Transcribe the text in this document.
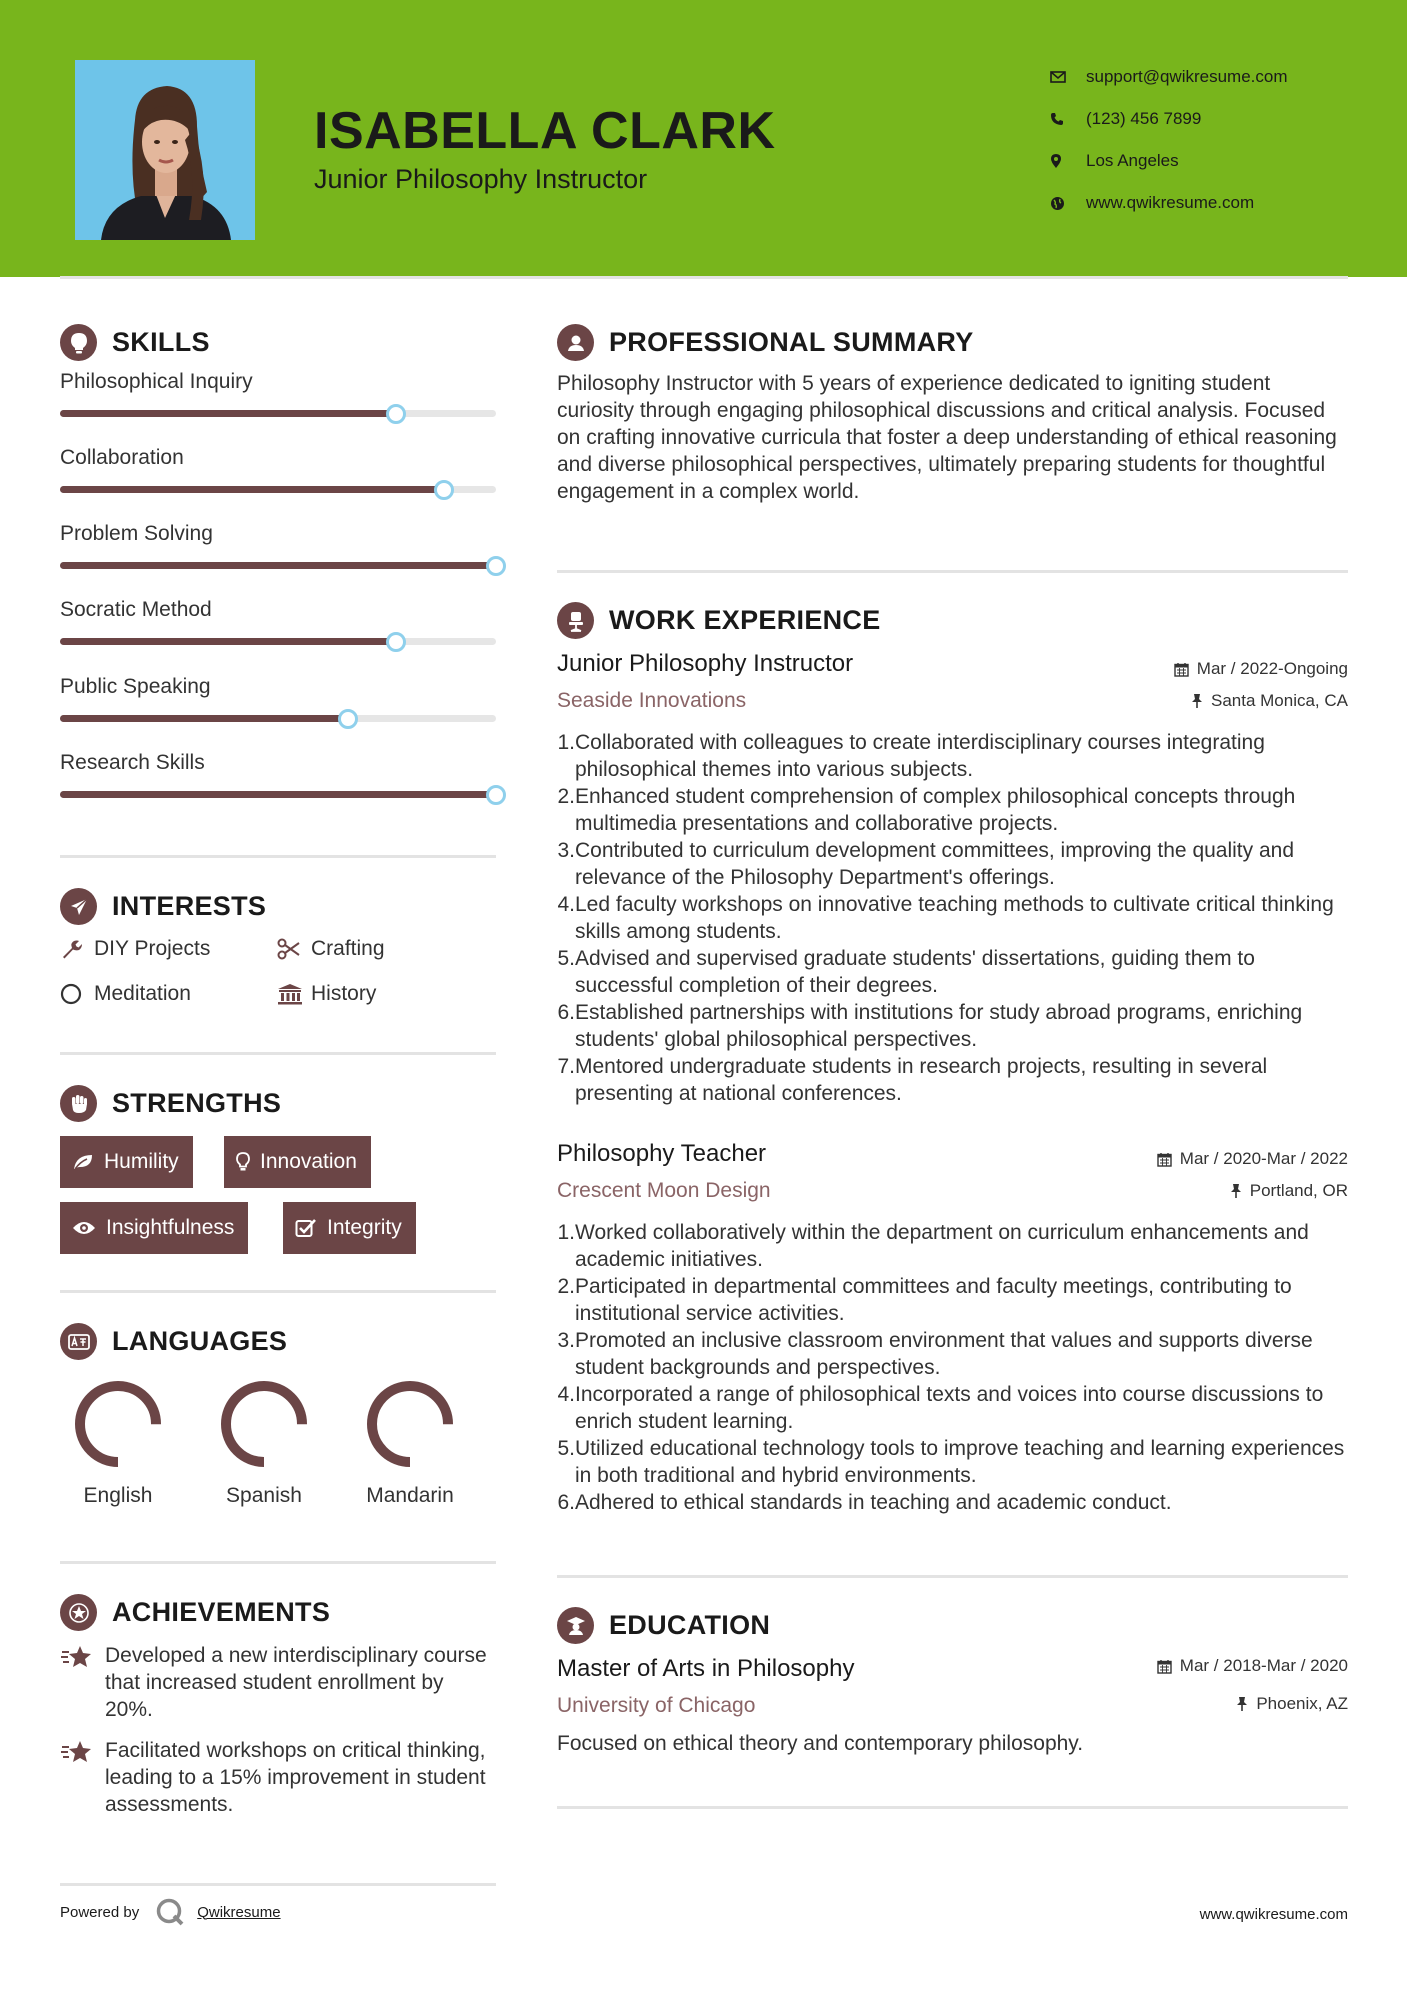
ISABELLA CLARK
Junior Philosophy Instructor
support@qwikresume.com
(123) 456 7899
Los Angeles
www.qwikresume.com
SKILLS
Philosophical Inquiry
Collaboration
Problem Solving
Socratic Method
Public Speaking
Research Skills
INTERESTS
DIY Projects	Crafting
Meditation	History
STRENGTHS
Humility	Innovation
Insightfulness	Integrity
LANGUAGES
English	Spanish	Mandarin
ACHIEVEMENTS
Developed a new interdisciplinary course that increased student enrollment by 20%.
Facilitated workshops on critical thinking, leading to a 15% improvement in student assessments.
PROFESSIONAL SUMMARY
Philosophy Instructor with 5 years of experience dedicated to igniting student curiosity through engaging philosophical discussions and critical analysis. Focused on crafting innovative curricula that foster a deep understanding of ethical reasoning and diverse philosophical perspectives, ultimately preparing students for thoughtful engagement in a complex world.
WORK EXPERIENCE
Junior Philosophy Instructor
Seaside Innovations
Mar / 2022-Ongoing
Santa Monica, CA
1. Collaborated with colleagues to create interdisciplinary courses integrating philosophical themes into various subjects.
2. Enhanced student comprehension of complex philosophical concepts through multimedia presentations and collaborative projects.
3. Contributed to curriculum development committees, improving the quality and relevance of the Philosophy Department's offerings.
4. Led faculty workshops on innovative teaching methods to cultivate critical thinking skills among students.
5. Advised and supervised graduate students' dissertations, guiding them to successful completion of their degrees.
6. Established partnerships with institutions for study abroad programs, enriching students' global philosophical perspectives.
7. Mentored undergraduate students in research projects, resulting in several presenting at national conferences.
Philosophy Teacher
Crescent Moon Design
Mar / 2020-Mar / 2022
Portland, OR
1. Worked collaboratively within the department on curriculum enhancements and academic initiatives.
2. Participated in departmental committees and faculty meetings, contributing to institutional service activities.
3. Promoted an inclusive classroom environment that values and supports diverse student backgrounds and perspectives.
4. Incorporated a range of philosophical texts and voices into course discussions to enrich student learning.
5. Utilized educational technology tools to improve teaching and learning experiences in both traditional and hybrid environments.
6. Adhered to ethical standards in teaching and academic conduct.
EDUCATION
Master of Arts in Philosophy
University of Chicago
Mar / 2018-Mar / 2020
Phoenix, AZ
Focused on ethical theory and contemporary philosophy.
Powered by	Qwikresume	www.qwikresume.com
